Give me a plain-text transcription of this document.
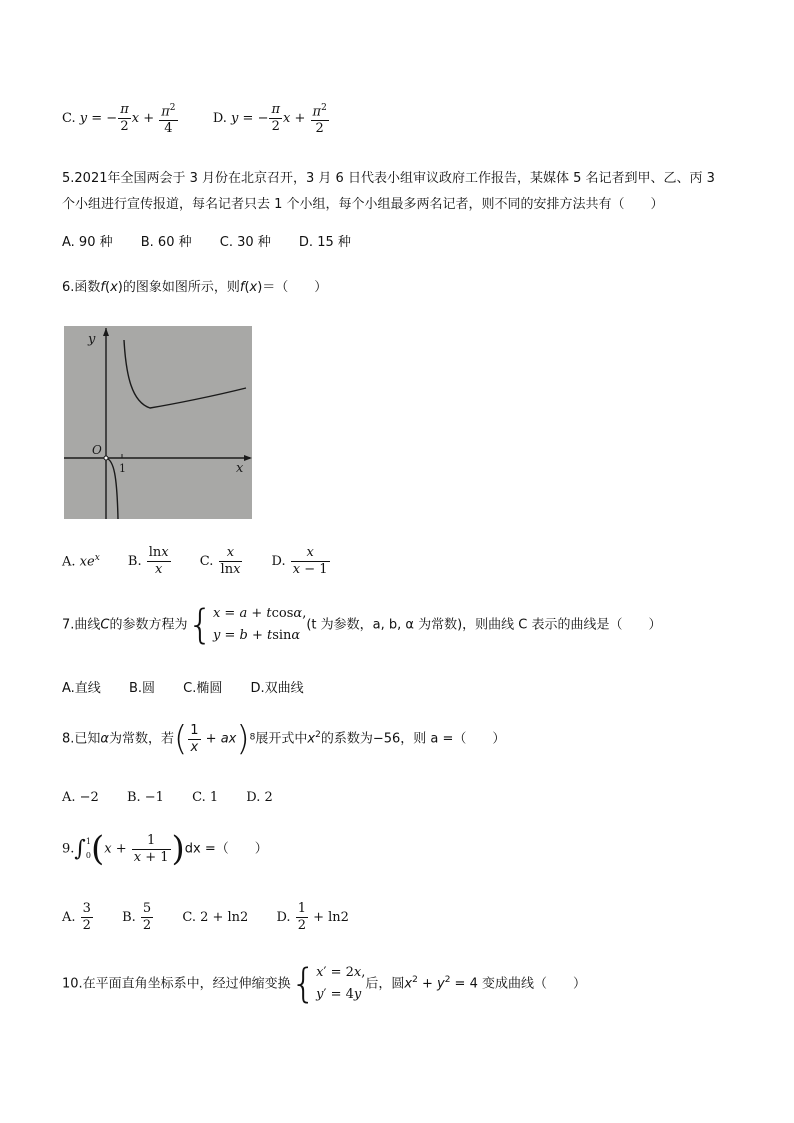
C. y = − $\frac{\pi}{2}$ $x + \frac{\pi^2}{4}$	D. y = − $\frac{\pi}{2}$ $x + \frac{\pi^2}{2}$
5.2021年全国两会于 3 月份在北京召开，3 月 6 日代表小组审议政府工作报告，某媒体 5 名记者到甲、乙、丙 3
个小组进行宣传报道，每名记者只去 1 个小组，每个小组最多两名记者，则不同的安排方法共有（　　）
A. 90 种 B. 60 种 C. 30 种 D. 15 种
6.函数f(x)的图象如图所示，则f(x)＝（　　）
y
x
O
1
A. $xe^x$ B. $\frac{\ln x}{x} C$. $\frac{x}{\ln x} D$. $\frac{x}{x - 1}$
7.曲线C的参数方程为{ x = a + tcosα,
y = b + tsinα
(t 为参数，a, b, α 为常数)，则曲线 C 表示的曲线是（　　）
A.直线 B.圆 C.椭圆 D.双曲线
8.已知α为常数，若( $\frac{1}{x} + ax)^8$展开式中$x^2$的系数为−56，则 a =（　　）
A. −2 B. −1 C. 1 D. 2
9.∫ 1
0 $(x + \frac{1}{x + 1} )dx$ =（　　）
A. $\frac{3}{2} B$. $\frac{5}{2} C$. 2 + ln2 D. $\frac{1}{2} + \ln 2$
10.在平面直角坐标系中，经过伸缩变换{ x′ = 2x,
y′ = 4y
后，圆$x^2 + y^2 = 4$ 变成曲线（　　）
